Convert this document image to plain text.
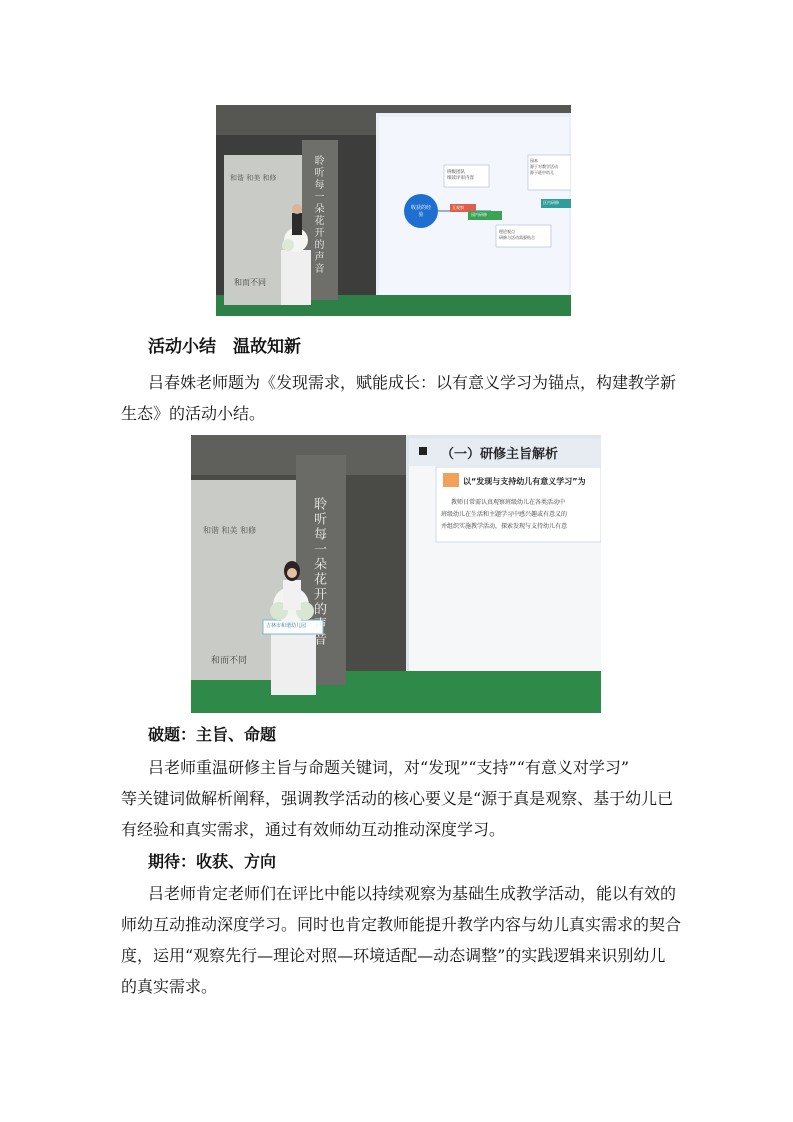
和谐 和美 和修	聆听每一朵花开的声音
和而不同
收获的经验
班级团队
细读评审内容
互观察
园内研修
区内研修
园本
源于对教学活动
源于班中幼儿
理论观点
研修与活动需要贴合
活动小结　温故知新
吕春姝老师题为《发现需求，赋能成长：以有意义学习为锚点，构建教学新
生态》的活动小结。
和谐 和美 和修	聆听每一朵花开的声音
和而不同
吉林市和谐幼儿园
（一）研修主旨解析
以“发现与支持幼儿有意义学习”为
教师日常需认真观察班级幼儿在各类活动中
班级幼儿在生活和主题学习中感兴趣或有意义的
并组织实施教学活动，探索发现与支持幼儿有意
破题：主旨、命题
吕老师重温研修主旨与命题关键词，对“发现”“支持”“有意义对学习”
等关键词做解析阐释，强调教学活动的核心要义是“源于真是观察、基于幼儿已
有经验和真实需求，通过有效师幼互动推动深度学习。
期待：收获、方向
吕老师肯定老师们在评比中能以持续观察为基础生成教学活动，能以有效的
师幼互动推动深度学习。同时也肯定教师能提升教学内容与幼儿真实需求的契合
度，运用“观察先行—理论对照—环境适配—动态调整”的实践逻辑来识别幼儿
的真实需求。
